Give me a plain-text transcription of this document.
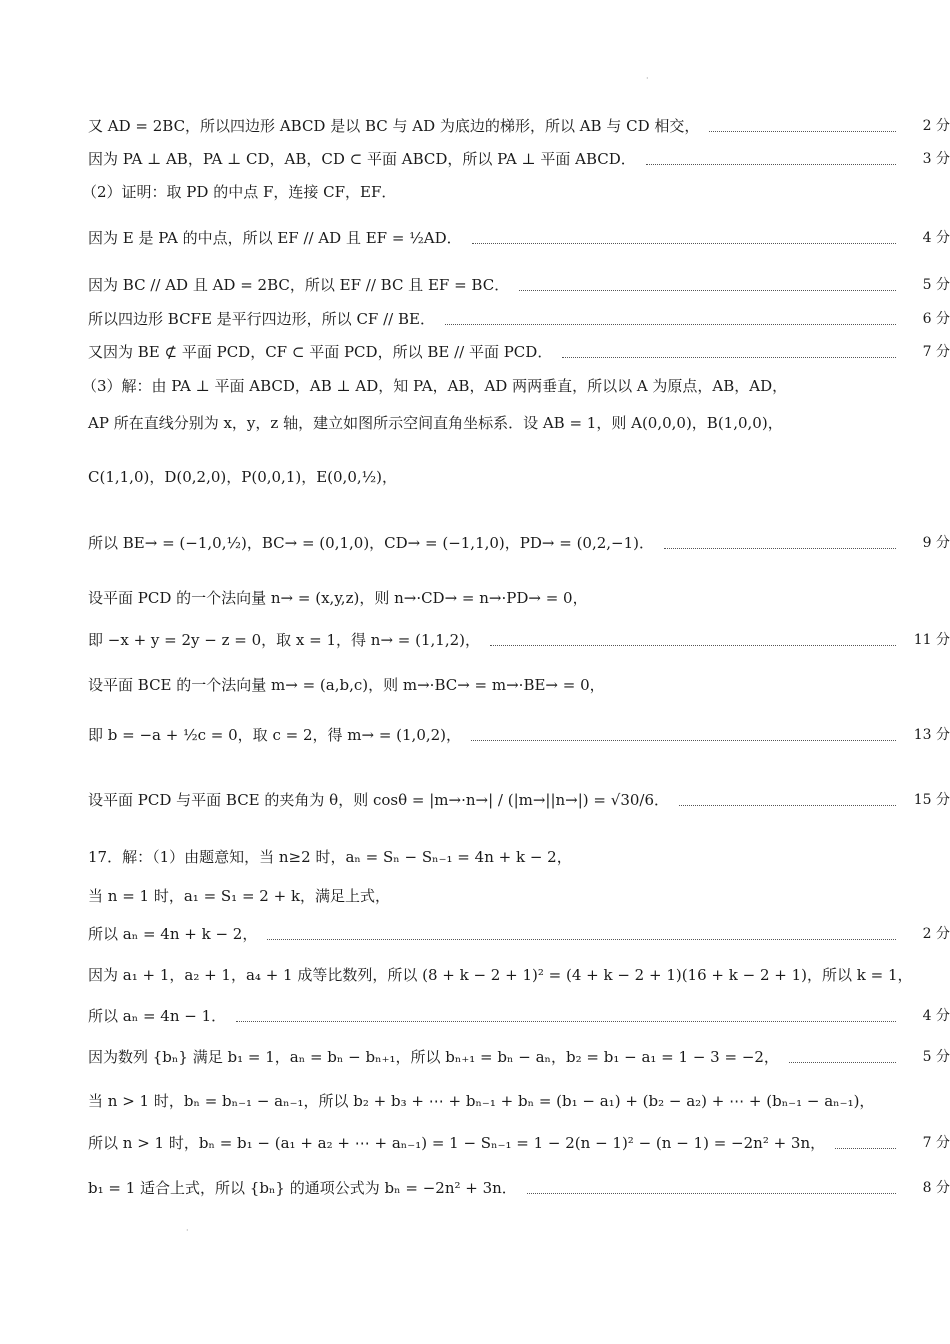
·
又 AD = 2BC，所以四边形 ABCD 是以 BC 与 AD 为底边的梯形，所以 AB 与 CD 相交，	2 分
因为 PA ⊥ AB，PA ⊥ CD，AB，CD ⊂ 平面 ABCD，所以 PA ⊥ 平面 ABCD．	3 分
（2）证明：取 PD 的中点 F，连接 CF，EF．
因为 E 是 PA 的中点，所以 EF // AD 且 EF = ½AD．	4 分
因为 BC // AD 且 AD = 2BC，所以 EF // BC 且 EF = BC．	5 分
所以四边形 BCFE 是平行四边形，所以 CF // BE．	6 分
又因为 BE ⊄ 平面 PCD，CF ⊂ 平面 PCD，所以 BE // 平面 PCD．	7 分
（3）解：由 PA ⊥ 平面 ABCD，AB ⊥ AD，知 PA，AB，AD 两两垂直，所以以 A 为原点，AB，AD，
AP 所在直线分别为 x，y，z 轴，建立如图所示空间直角坐标系．设 AB = 1，则 A(0,0,0)，B(1,0,0)，
C(1,1,0)，D(0,2,0)，P(0,0,1)，E(0,0,½)，
所以 BE→ = (−1,0,½)，BC→ = (0,1,0)，CD→ = (−1,1,0)，PD→ = (0,2,−1)．	9 分
设平面 PCD 的一个法向量 n→ = (x,y,z)，则 n→·CD→ = n→·PD→ = 0，
即 −x + y = 2y − z = 0，取 x = 1，得 n→ = (1,1,2)，	11 分
设平面 BCE 的一个法向量 m→ = (a,b,c)，则 m→·BC→ = m→·BE→ = 0，
即 b = −a + ½c = 0，取 c = 2，得 m→ = (1,0,2)，	13 分
设平面 PCD 与平面 BCE 的夹角为 θ，则 cosθ = |m→·n→| / (|m→||n→|) = √30/6．	15 分
17．解：（1）由题意知，当 n≥2 时，aₙ = Sₙ − Sₙ₋₁ = 4n + k − 2，
当 n = 1 时，a₁ = S₁ = 2 + k，满足上式，
所以 aₙ = 4n + k − 2，	2 分
因为 a₁ + 1，a₂ + 1，a₄ + 1 成等比数列，所以 (8 + k − 2 + 1)² = (4 + k − 2 + 1)(16 + k − 2 + 1)，所以 k = 1，
所以 aₙ = 4n − 1．	4 分
因为数列 {bₙ} 满足 b₁ = 1，aₙ = bₙ − bₙ₊₁，所以 bₙ₊₁ = bₙ − aₙ，b₂ = b₁ − a₁ = 1 − 3 = −2，	5 分
当 n > 1 时，bₙ = bₙ₋₁ − aₙ₋₁，所以 b₂ + b₃ + ⋯ + bₙ₋₁ + bₙ = (b₁ − a₁) + (b₂ − a₂) + ⋯ + (bₙ₋₁ − aₙ₋₁)，
所以 n > 1 时，bₙ = b₁ − (a₁ + a₂ + ⋯ + aₙ₋₁) = 1 − Sₙ₋₁ = 1 − 2(n − 1)² − (n − 1) = −2n² + 3n，	7 分
b₁ = 1 适合上式，所以 {bₙ} 的通项公式为 bₙ = −2n² + 3n．	8 分
·
